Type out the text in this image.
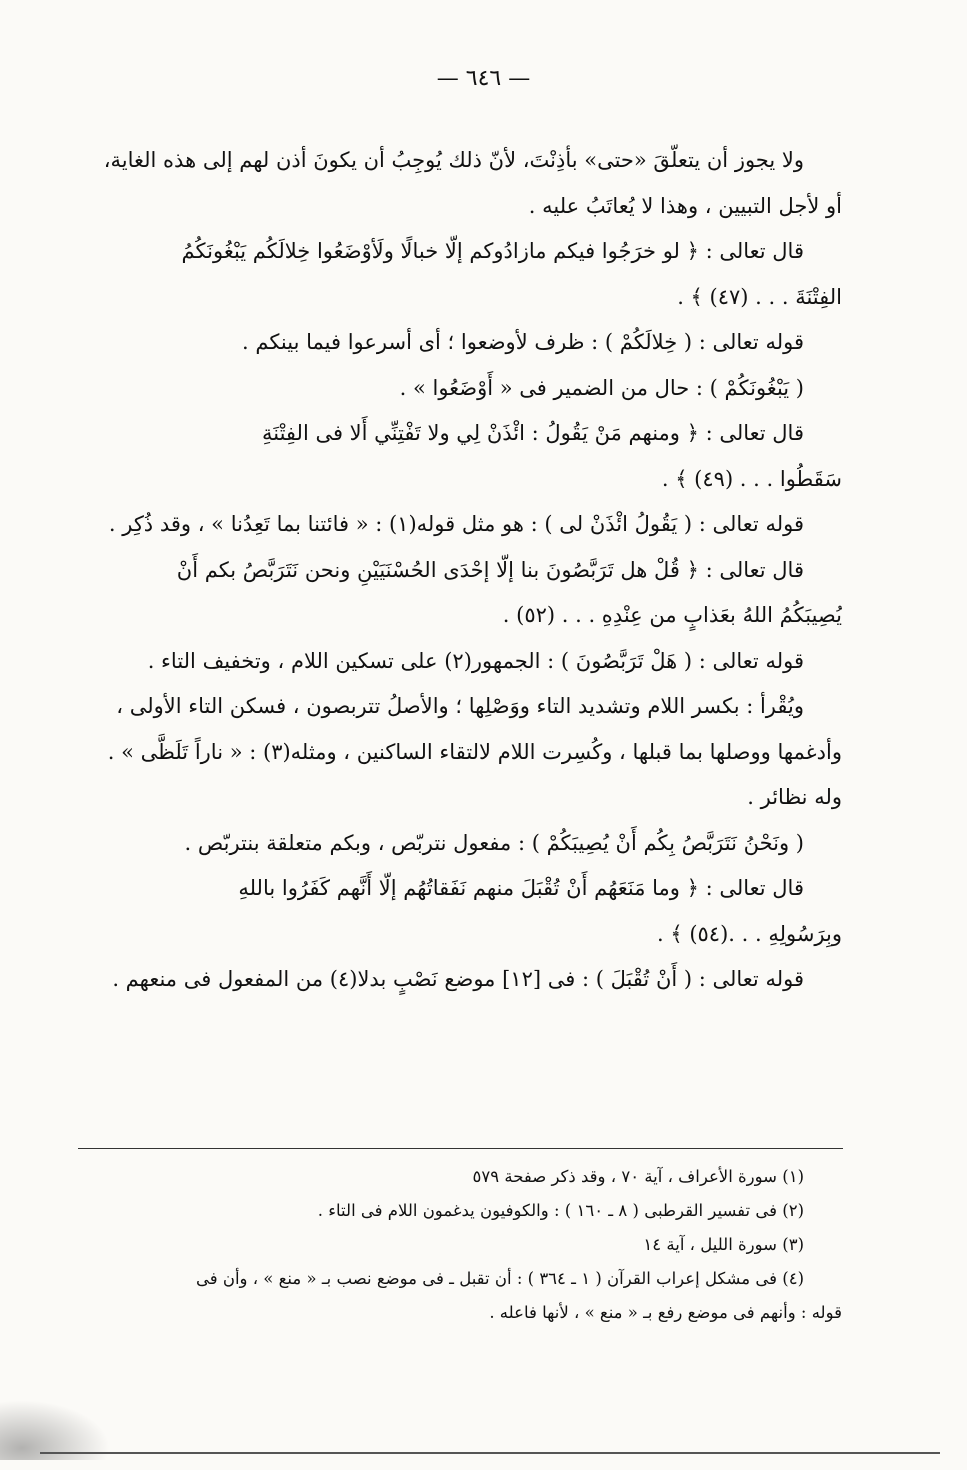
— ٦٤٦ —
ولا يجوز أن يتعلّقَ «حتى» بأذِنْتَ، لأنّ ذلك يُوجِبُ أن يكونَ أذن لهم إلى هذه الغاية،
أو لأجل التبيين ، وهذا لا يُعاتَبُ عليه .
قال تعالى : ﴿ لو خرَجُوا فيكم مازادُوكم إلّا خبالًا ولَأوْضَعُوا خِلالَكُم يَبْغُونَكُمُ
الفِتْنَةَ . . . (٤٧) ﴾ .
قوله تعالى : ( خِلالَكُمْ ) : ظرف لأوضعوا ؛ أى أسرعوا فيما بينكم .
( يَبْغُونَكُمْ ) : حال من الضمير فى « أَوْضَعُوا » .
قال تعالى : ﴿ ومنهم مَنْ يَقُولُ : ائْذَنْ لِي ولا تَفْتِنِّي أَلا فى الفِتْنَةِ
سَقَطُوا . . . (٤٩) ﴾ .
قوله تعالى : ( يَقُولُ ائْذَنْ لى ) : هو مثل قوله(١) : « فائتنا بما تَعِدُنا » ، وقد ذُكِر .
قال تعالى : ﴿ قُلْ هل تَرَبَّصُونَ بنا إلّا إحْدَى الحُسْنَيَيْنِ ونحن نَتَرَبَّصُ بكم أَنْ
يُصِيبَكُمُ اللهُ بعَذابٍ من عِنْدِهِ . . . (٥٢) .
قوله تعالى : ( هَلْ تَرَبَّصُونَ ) : الجمهور(٢) على تسكين اللام ، وتخفيف التاء .
ويُقْرأ : بكسر اللام وتشديد التاء ووَصْلِها ؛ والأصلُ تتربصون ، فسكن التاء الأولى ،
وأدغمها ووصلها بما قبلها ، وكُسِرت اللام لالتقاء الساكنين ، ومثله(٣) : « ناراً تَلَظَّى » .
وله نظائر .
( ونَحْنُ نَتَرَبَّصُ بِكُم أَنْ يُصِيبَكُمْ ) : مفعول نتربّص ، وبكم متعلقة بنتربّص .
قال تعالى : ﴿ وما مَنَعَهُم أَنْ تُقْبَلَ منهم نَفَقاتُهُم إلّا أَنَّهم كَفَرُوا باللهِ
وبِرَسُولِهِ . . .(٥٤) ﴾ .
قوله تعالى : ( أَنْ تُقْبَلَ ) : فى [١٢] موضع نَصْبٍ بدلا(٤) من المفعول فى منعهم .
(١) سورة الأعراف ، آية ٧٠ ، وقد ذكر صفحة ٥٧٩
(٢) فى تفسير القرطبى ( ٨ ـ ١٦٠ ) : والكوفيون يدغمون اللام فى التاء .
(٣) سورة الليل ، آية ١٤
(٤) فى مشكل إعراب القرآن ( ١ ـ ٣٦٤ ) : أن تقبل ـ فى موضع نصب بـ « منع » ، وأن فى
قوله : وأنهم فى موضع رفع بـ « منع » ، لأنها فاعله .
